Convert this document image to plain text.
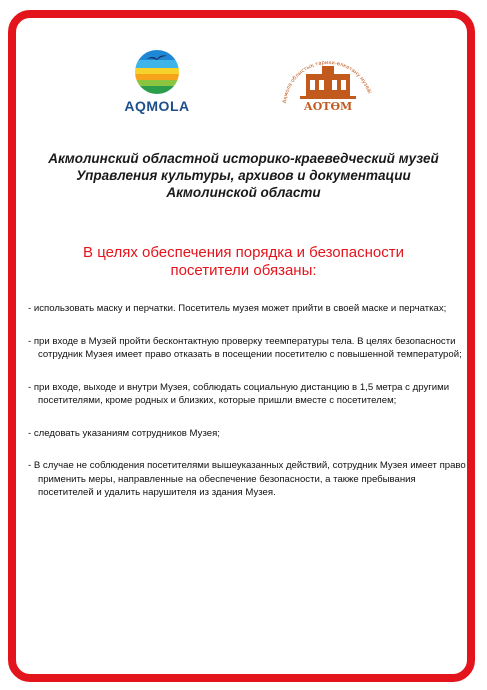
AQMOLA	Ақмола облыстық тарихи-өлкетану музейі
АОТӨМ
Акмолинский областной историко-краеведческий музей
Управления культуры, архивов и документации
Акмолинской области
В целях обеспечения порядка и безопасности
посетители обязаны:

- использовать маску и перчатки. Посетитель музея может прийти в своей маске и перчатках;

- при входе в Музей пройти бесконтактную проверку теемпературы тела. В целях безопасности сотрудник Музея имеет право отказать в посещении посетителю с повышенной температурой;

- при входе, выходе и внутри Музея, соблюдать социальную дистанцию в 1,5 метра с другими посетителями, кроме родных и близких, которые пришли вместе с посетителем;

- следовать указаниям сотрудников Музея;

- В случае не соблюдения посетителями вышеуказанных действий, сотрудник Музея имеет право применить меры, направленные на обеспечение безопасности, а также пребывания посетителей и удалить нарушителя из здания Музея.
